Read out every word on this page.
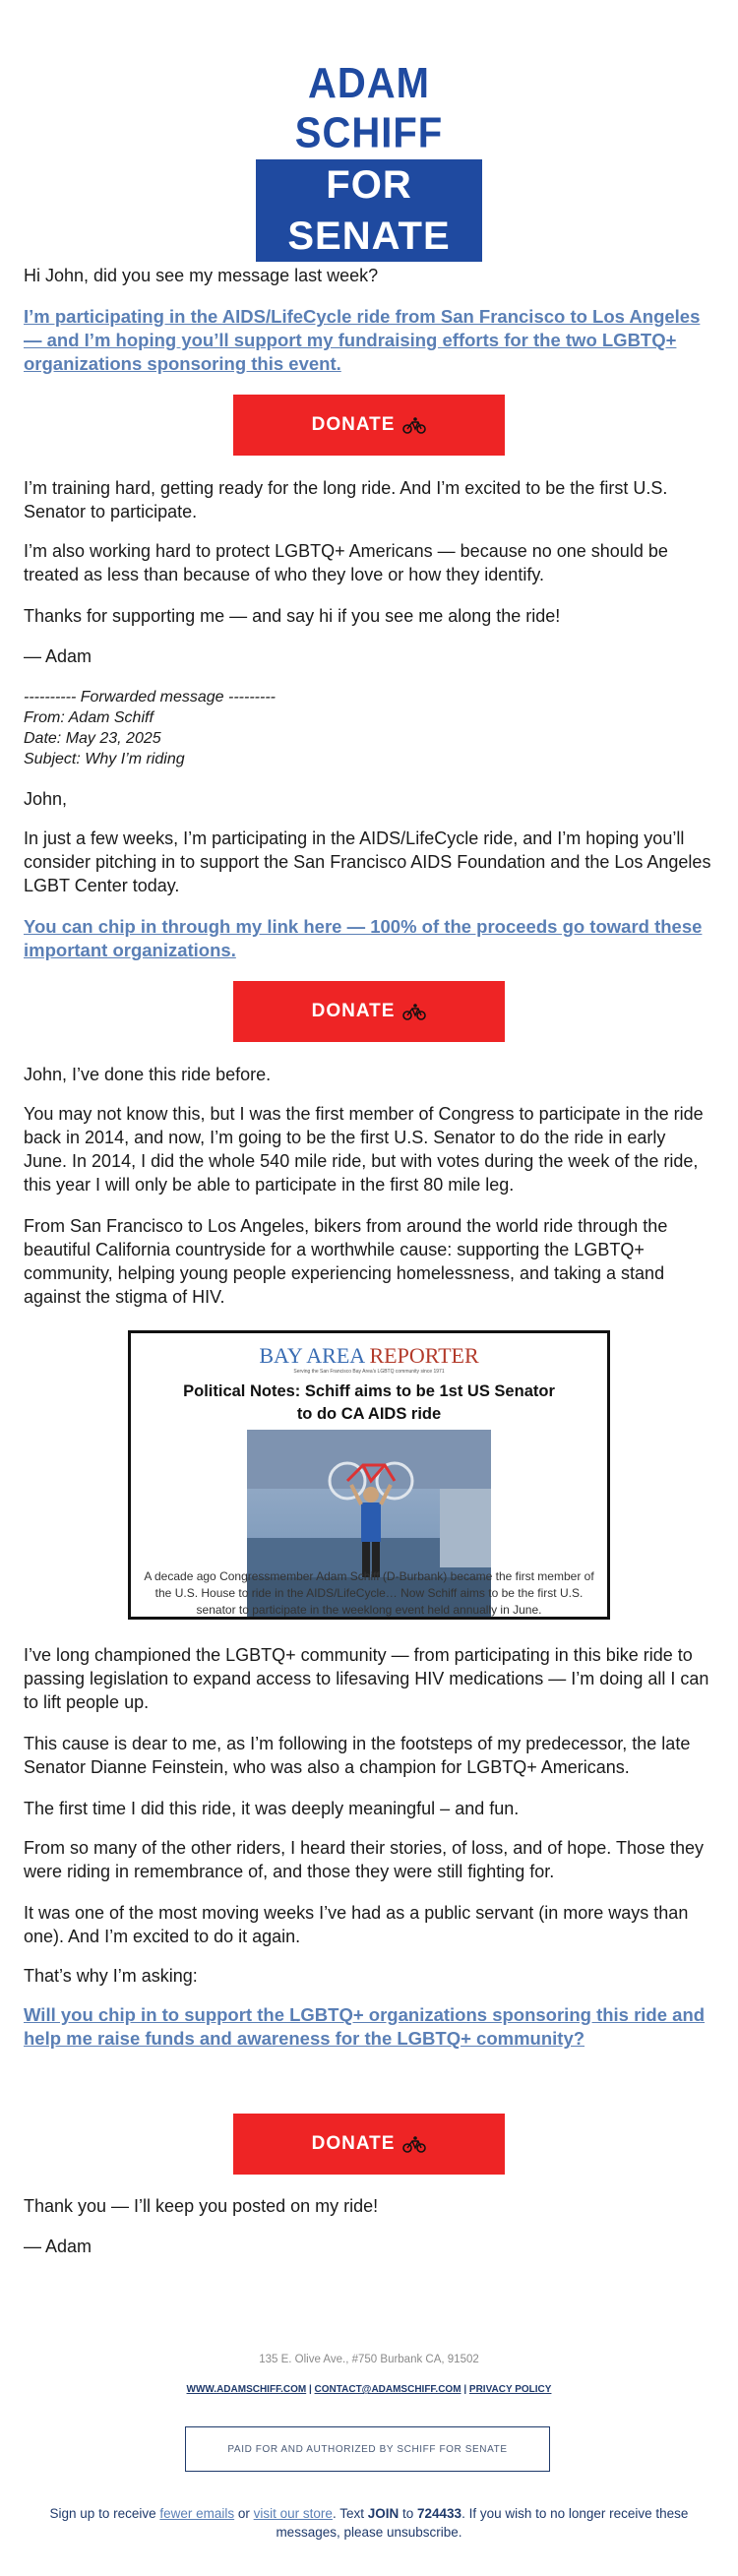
ADAM SCHIFF
FOR SENATE

Hi John, did you see my message last week?

I’m participating in the AIDS/LifeCycle ride from San Francisco to Los Angeles — and I’m hoping you’ll support my fundraising efforts for the two LGBTQ+ organizations sponsoring this event.

DONATE

I’m training hard, getting ready for the long ride. And I’m excited to be the first U.S. Senator to participate.

I’m also working hard to protect LGBTQ+ Americans — because no one should be treated as less than because of who they love or how they identify.

Thanks for supporting me — and say hi if you see me along the ride!

— Adam

---------- Forwarded message ---------
From: Adam Schiff
Date: May 23, 2025
Subject: Why I’m riding

John,

In just a few weeks, I’m participating in the AIDS/LifeCycle ride, and I’m hoping you’ll consider pitching in to support the San Francisco AIDS Foundation and the Los Angeles LGBT Center today.

You can chip in through my link here — 100% of the proceeds go toward these important organizations.

DONATE

John, I’ve done this ride before.

You may not know this, but I was the first member of Congress to participate in the ride back in 2014, and now, I’m going to be the first U.S. Senator to do the ride in early June. In 2014, I did the whole 540 mile ride, but with votes during the week of the ride, this year I will only be able to participate in the first 80 mile leg.

From San Francisco to Los Angeles, bikers from around the world ride through the beautiful California countryside for a worthwhile cause: supporting the LGBTQ+ community, helping young people experiencing homelessness, and taking a stand against the stigma of HIV.

BAY AREA REPORTER
Serving the San Francisco Bay Area's LGBTQ community since 1971
Political Notes: Schiff aims to be 1st US Senator
to do CA AIDS ride
A decade ago Congressmember Adam Schiff (D-Burbank) became the first member of the U.S. House to ride in the AIDS/LifeCycle… Now Schiff aims to be the first U.S. senator to participate in the weeklong event held annually in June.

I’ve long championed the LGBTQ+ community — from participating in this bike ride to passing legislation to expand access to lifesaving HIV medications — I’m doing all I can to lift people up.

This cause is dear to me, as I’m following in the footsteps of my predecessor, the late Senator Dianne Feinstein, who was also a champion for LGBTQ+ Americans.

The first time I did this ride, it was deeply meaningful – and fun.

From so many of the other riders, I heard their stories, of loss, and of hope. Those they were riding in remembrance of, and those they were still fighting for.

It was one of the most moving weeks I’ve had as a public servant (in more ways than one). And I’m excited to do it again.

That’s why I’m asking:

Will you chip in to support the LGBTQ+ organizations sponsoring this ride and help me raise funds and awareness for the LGBTQ+ community?

DONATE

Thank you — I’ll keep you posted on my ride!

— Adam

135 E. Olive Ave., #750 Burbank CA, 91502
WWW.ADAMSCHIFF.COM | CONTACT@ADAMSCHIFF.COM | PRIVACY POLICY
PAID FOR AND AUTHORIZED BY SCHIFF FOR SENATE
Sign up to receive fewer emails or visit our store. Text JOIN to 724433. If you wish to no longer receive these messages, please unsubscribe.
